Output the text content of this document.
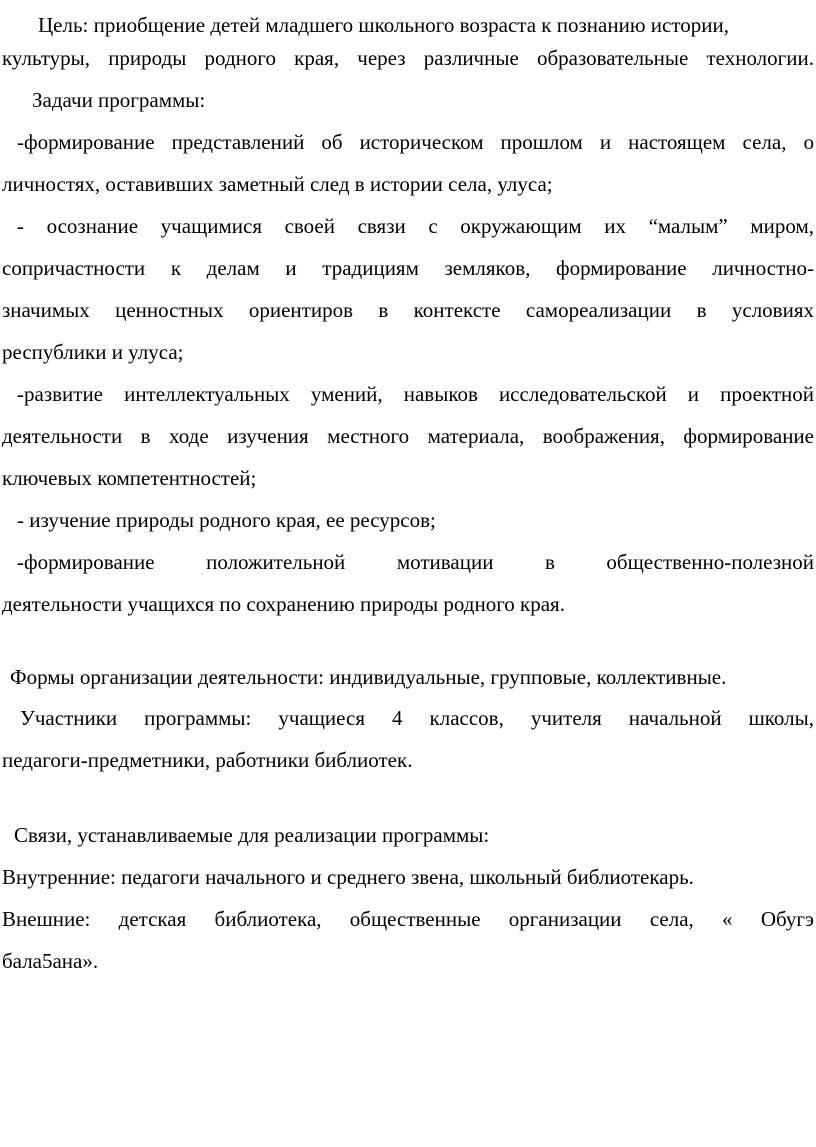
Цель: приобщение детей младшего школьного возраста к познанию истории,
культуры, природы родного края, через различные образовательные технологии.
Задачи программы:
-формирование представлений об историческом прошлом и настоящем села, о
личностях, оставивших заметный след в истории села, улуса;
- осознание учащимися своей связи с окружающим их “малым” миром,
сопричастности к делам и традициям земляков, формирование личностно-
значимых ценностных ориентиров в контексте самореализации в условиях
республики и улуса;
-развитие интеллектуальных умений, навыков исследовательской и проектной
деятельности в ходе изучения местного материала, воображения, формирование
ключевых компетентностей;
- изучение природы родного края, ее ресурсов;
-формирование положительной мотивации в общественно-полезной
деятельности учащихся по сохранению природы родного края.
Формы организации деятельности: индивидуальные, групповые, коллективные.
Участники программы: учащиеся 4 классов, учителя начальной школы,
педагоги-предметники, работники библиотек.
Связи, устанавливаемые для реализации программы:
Внутренние: педагоги начального и среднего звена, школьный библиотекарь.
Внешние: детская библиотека, общественные организации села, « Обугэ
бала5ана».
